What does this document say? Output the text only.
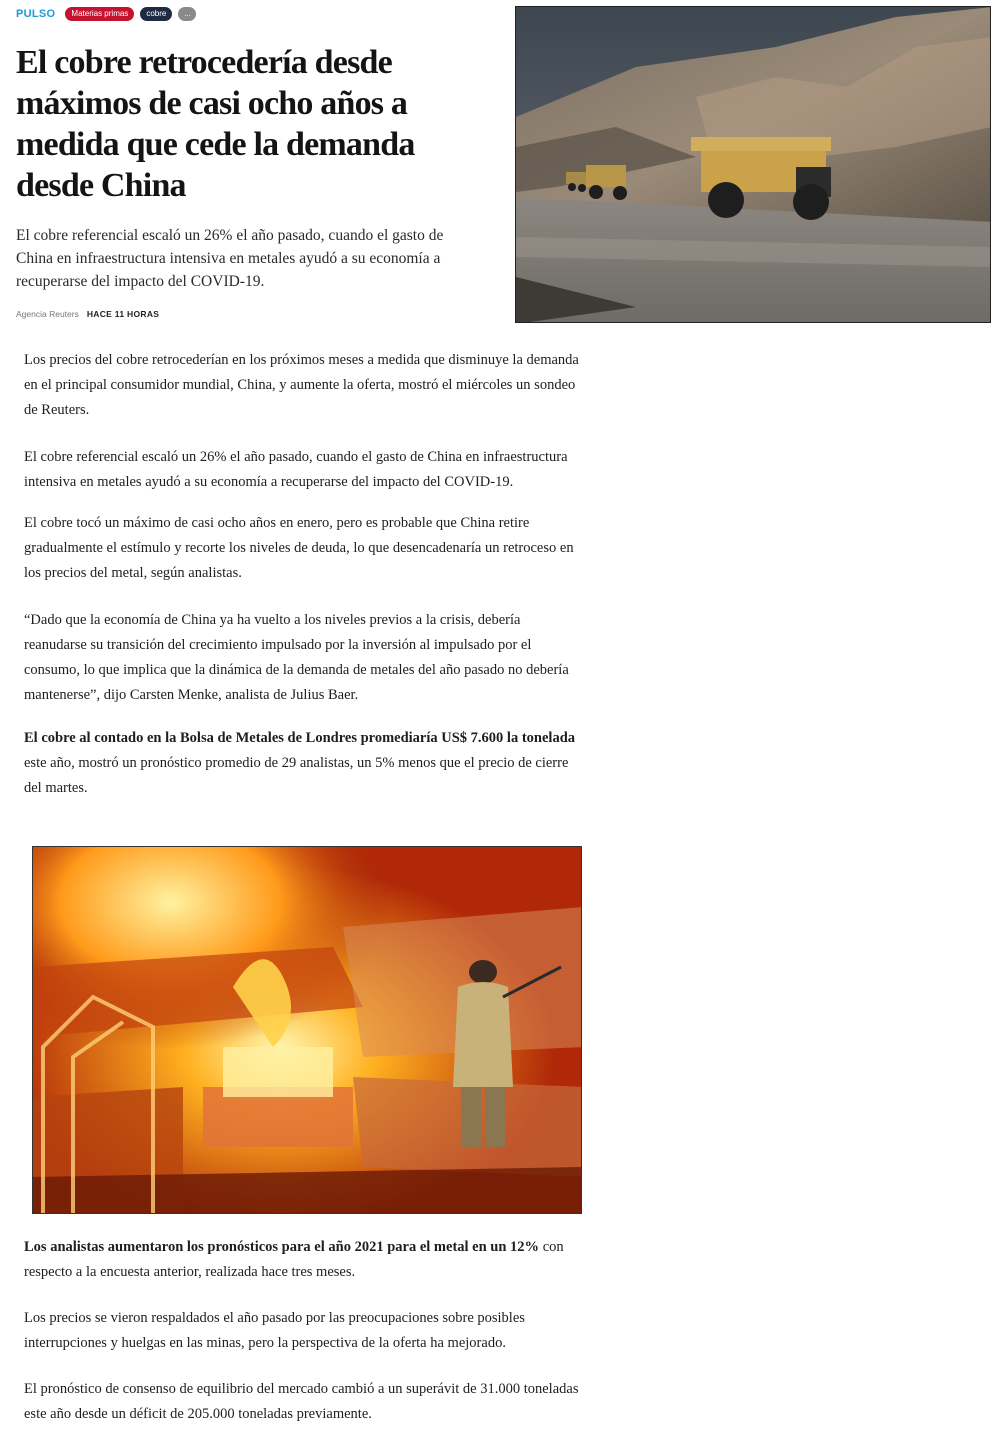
PULSO	Materias primas	cobre	...
El cobre retrocedería desde máximos de casi ocho años a medida que cede la demanda desde China
El cobre referencial escaló un 26% el año pasado, cuando el gasto de China en infraestructura intensiva en metales ayudó a su economía a recuperarse del impacto del COVID-19.
Agencia Reuters HACE 11 HORAS

Los precios del cobre retrocederían en los próximos meses a medida que disminuye la demanda en el principal consumidor mundial, China, y aumente la oferta, mostró el miércoles un sondeo de Reuters.

El cobre referencial escaló un 26% el año pasado, cuando el gasto de China en infraestructura intensiva en metales ayudó a su economía a recuperarse del impacto del COVID-19.

El cobre tocó un máximo de casi ocho años en enero, pero es probable que China retire gradualmente el estímulo y recorte los niveles de deuda, lo que desencadenaría un retroceso en los precios del metal, según analistas.

“Dado que la economía de China ya ha vuelto a los niveles previos a la crisis, debería reanudarse su transición del crecimiento impulsado por la inversión al impulsado por el consumo, lo que implica que la dinámica de la demanda de metales del año pasado no debería mantenerse”, dijo Carsten Menke, analista de Julius Baer.

El cobre al contado en la Bolsa de Metales de Londres promediaría US$ 7.600 la tonelada este año, mostró un pronóstico promedio de 29 analistas, un 5% menos que el precio de cierre del martes.

Los analistas aumentaron los pronósticos para el año 2021 para el metal en un 12% con respecto a la encuesta anterior, realizada hace tres meses.

Los precios se vieron respaldados el año pasado por las preocupaciones sobre posibles interrupciones y huelgas en las minas, pero la perspectiva de la oferta ha mejorado.

El pronóstico de consenso de equilibrio del mercado cambió a un superávit de 31.000 toneladas este año desde un déficit de 205.000 toneladas previamente.
